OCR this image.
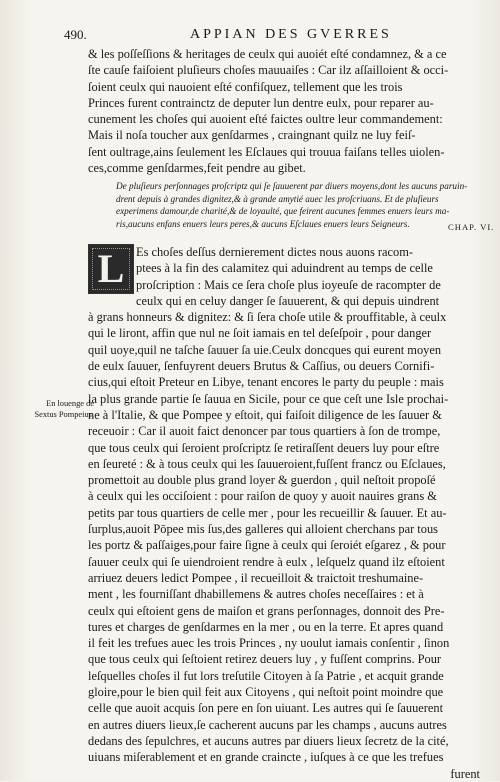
490.	APPIAN DES GVERRES
& les poſſeſſions & heritages de ceulx qui auoiét eſté condamnez, & a ce
ſte cauſe faiſoient pluſieurs choſes mauuaiſes : Car ilz aſſailloient & occi-
ſoient ceulx qui nauoient eſté confiſquez, tellement que les trois
Princes furent contrainctz de deputer lun dentre eulx, pour reparer au-
cunement les choſes qui auoient eſté faictes oultre leur commandement:
Mais il noſa toucher aux genſdarmes , craingnant quilz ne luy feiſ-
ſent oultrage,ains ſeulement les Eſclaues qui trouua faiſans telles uiolen-
ces,comme genſdarmes,feit pendre au gibet.
De pluſieurs perſonnages proſcriptz qui ſe ſauuerent par diuers moyens,dont les aucuns paruin-
drent depuis à grandes dignitez,& à grande amytié auec les proſcriuans. Et de pluſieurs
experimens damour,de charité,& de loyaulté, que feirent aucunes femmes enuers leurs ma-
ris,aucuns enfans enuers leurs peres,& aucuns Eſclaues enuers leurs Seigneurs.	CHAP. VI.
L Es choſes deſſus dernierement dictes nous auons racom-
ptees à la fin des calamitez qui aduindrent au temps de celle
proſcription : Mais ce ſera choſe plus ioyeuſe de racompter de
ceulx qui en celuy danger ſe ſauuerent, & qui depuis uindrent
à grans honneurs & dignitez: & ſi ſera choſe utile & prouffitable, à ceulx
qui le liront, affin que nul ne ſoit iamais en tel deſeſpoir , pour danger
quil uoye,quil ne taſche ſauuer ſa uie.Ceulx doncques qui eurent moyen
de eulx ſauuer, ſenfuyrent deuers Brutus & Caſſius, ou deuers Cornifi-
cius,qui eſtoit Preteur en Libye, tenant encores le party du peuple : mais
la plus grande partie ſe ſauua en Sicile, pour ce que ceſt une Isle prochai-
ne à l'Italie, & que Pompee y eſtoit, qui faiſoit diligence de les ſauuer &
receuoir : Car il auoit faict denoncer par tous quartiers à ſon de trompe,
que tous ceulx qui ſeroient proſcriptz ſe retiraſſent deuers luy pour eſtre
en ſeureté : & à tous ceulx qui les ſauueroient,fuſſent francz ou Eſclaues,
promettoit au double plus grand loyer & guerdon , quil neſtoit propoſé
à ceulx qui les occiſoient : pour raiſon de quoy y auoit nauires grans &
petits par tous quartiers de celle mer , pour les recueillir & ſauuer. Et au-
ſurplus,auoit Pōpee mis ſus,des galleres qui alloient cherchans par tous
les portz & paſſaiges,pour faire ſigne à ceulx qui ſeroiét eſgarez , & pour
ſauuer ceulx qui ſe uiendroient rendre à eulx , leſquelz quand ilz eſtoient
arriuez deuers ledict Pompee , il recueilloit & traictoit treshumaine-
ment , les fourniſſant dhabillemens & autres choſes neceſſaires : et à
ceulx qui eſtoient gens de maiſon et grans perſonnages, donnoit des Pre-
tures et charges de genſdarmes en la mer , ou en la terre. Et apres quand
il feit les trefues auec les trois Princes , ny uoulut iamais conſentir , ſinon
que tous ceulx qui ſeſtoient retirez deuers luy , y fuſſent comprins. Pour
leſquelles choſes il fut lors treſutile Citoyen à ſa Patrie , et acquit grande
gloire,pour le bien quil feit aux Citoyens , qui neſtoit point moindre que
celle que auoit acquis ſon pere en ſon uiuant. Les autres qui ſe ſauuerent
en autres diuers lieux,ſe cacherent aucuns par les champs , aucuns autres
dedans des ſepulchres, et aucuns autres par diuers lieux ſecretz de la cité,
uiuans miſerablement et en grande craincte , iuſques à ce que les trefues
furent
En louenge de
Sextus Pompeius.
